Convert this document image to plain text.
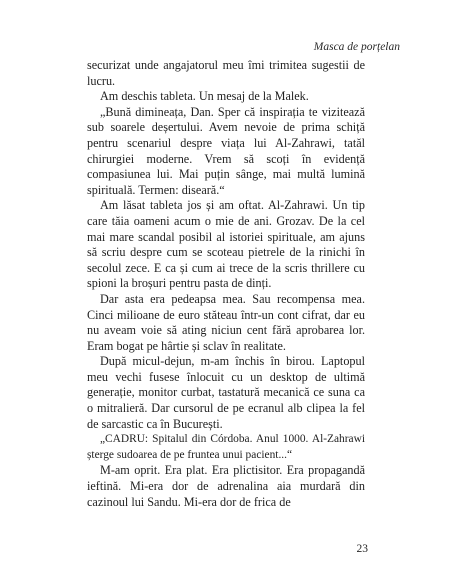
Masca de porțelan

securizat unde angajatorul meu îmi trimitea sugestii de lucru.

Am deschis tableta. Un mesaj de la Malek.

„Bună dimineața, Dan. Sper că inspirația te vizitează sub soarele deșertului. Avem nevoie de prima schiță pentru scenariul despre viața lui Al-Zahrawi, tatăl chirurgiei moderne. Vrem să scoți în evidență compasiunea lui. Mai puțin sânge, mai multă lumină spirituală. Termen: diseară.“

Am lăsat tableta jos și am oftat. Al-Zahrawi. Un tip care tăia oameni acum o mie de ani. Grozav. De la cel mai mare scandal posibil al istoriei spirituale, am ajuns să scriu despre cum se scoteau pietrele de la rinichi în secolul zece. E ca și cum ai trece de la scris thrillere cu spioni la broșuri pentru pasta de dinți.

Dar asta era pedeapsa mea. Sau recompensa mea. Cinci milioane de euro stăteau într-un cont cifrat, dar eu nu aveam voie să ating niciun cent fără aprobarea lor. Eram bogat pe hârtie și sclav în realitate.

După micul-dejun, m-am închis în birou. Laptopul meu vechi fusese înlocuit cu un desktop de ultimă generație, monitor curbat, tastatură mecanică ce suna ca o mitralieră. Dar cursorul de pe ecranul alb clipea la fel de sarcastic ca în București.

„CADRU: Spitalul din Córdoba. Anul 1000. Al-Zahrawi șterge sudoarea de pe fruntea unui pacient...“

M-am oprit. Era plat. Era plictisitor. Era propagandă ieftină. Mi-era dor de adrenalina aia murdară din cazinoul lui Sandu. Mi-era dor de frica de

23
